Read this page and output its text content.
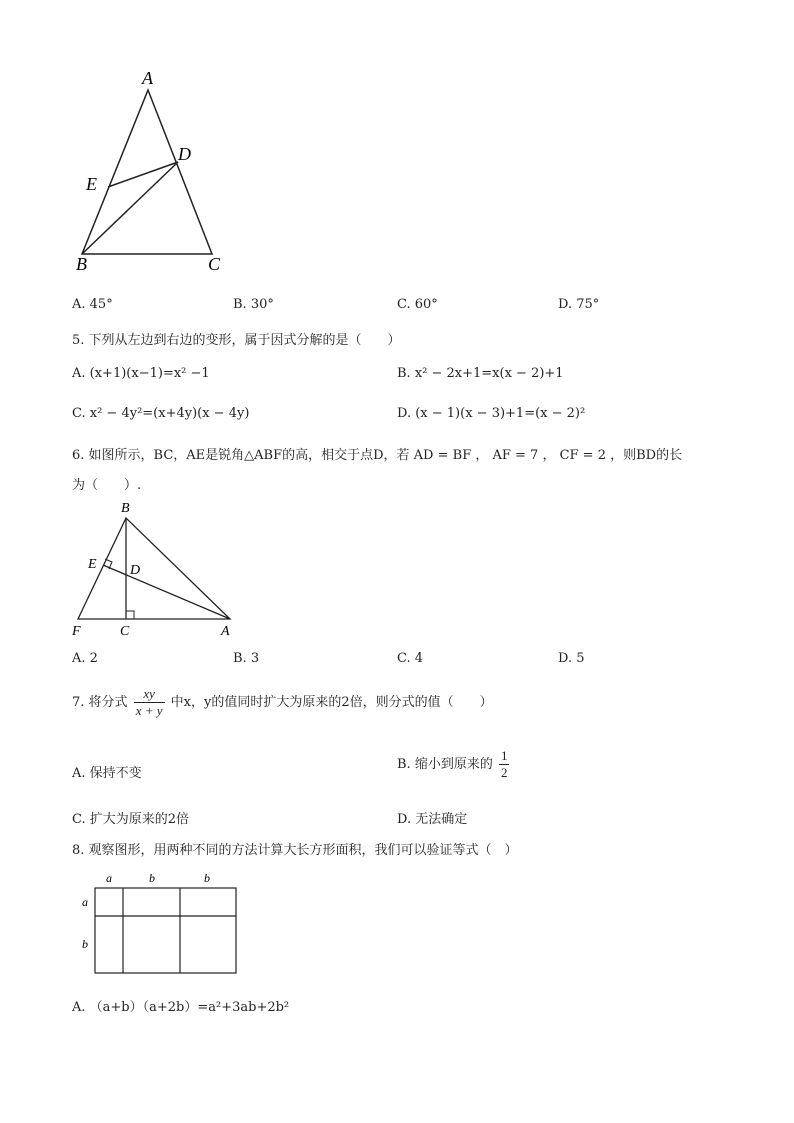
A
D
E
B	C
A. 45°	B. 30°	C. 60°	D. 75°
5. 下列从左边到右边的变形，属于因式分解的是（　　）
A. (x+1)(x−1)=x² −1	B. x² − 2x+1=x(x − 2)+1
C. x² − 4y²=(x+4y)(x − 4y)	D. (x − 1)(x − 3)+1=(x − 2)²
6. 如图所示，BC，AE是锐角△ABF的高，相交于点D，若 AD = BF ， AF = 7 ， CF = 2 ，则BD的长
为（　　）.
B
E D
F	C	A
A. 2	B. 3	C. 4	D. 5
7. 将分式 $\frac{xy}{x + y}$ 中x，y的值同时扩大为原来的2倍，则分式的值（　　）
A. 保持不变
B. 缩小到原来的 $\frac{1}{2}$
C. 扩大为原来的2倍	D. 无法确定
8. 观察图形，用两种不同的方法计算大长方形面积，我们可以验证等式（　）
a	b	b
a
b
A. （a+b）（a+2b）=a²+3ab+2b²
